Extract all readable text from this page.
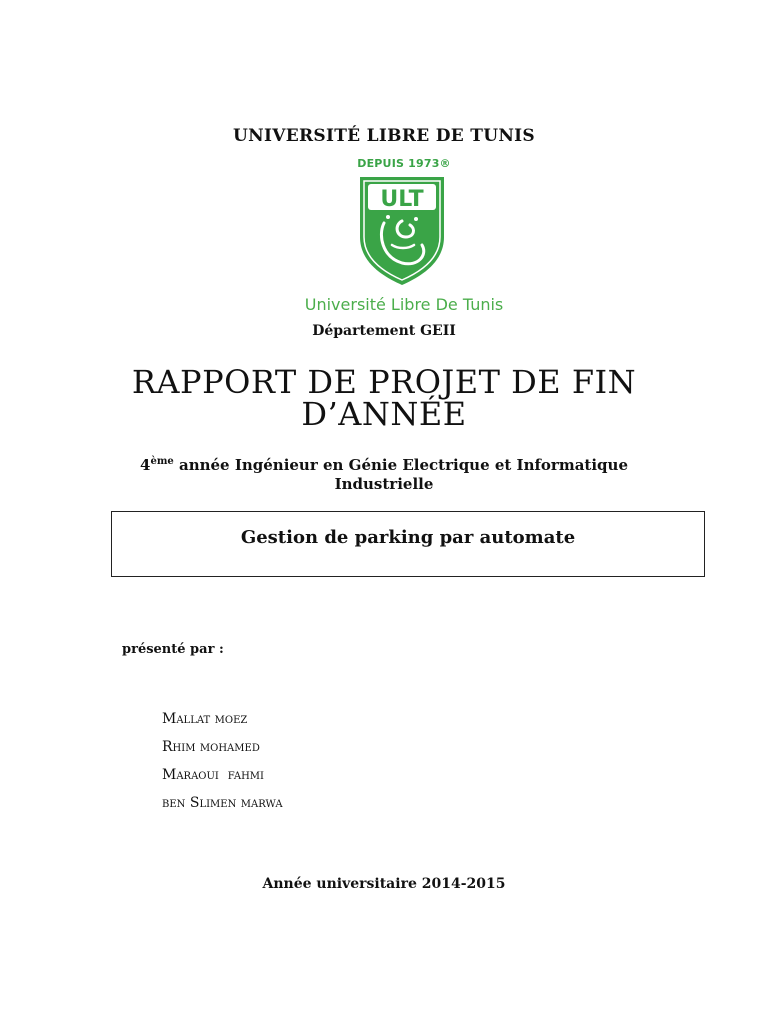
UNIVERSITÉ LIBRE DE TUNIS
DEPUIS 1973®
ULT
Université Libre De Tunis
Département GEII
RAPPORT DE PROJET DE FIN
D’ANNÉE
4ème année Ingénieur en Génie Electrique et Informatique
Industrielle
Gestion de parking par automate
présenté par :
Mallat moez
Rhim mohamed
Maraoui  fahmi
ben Slimen marwa
Année universitaire 2014-2015
